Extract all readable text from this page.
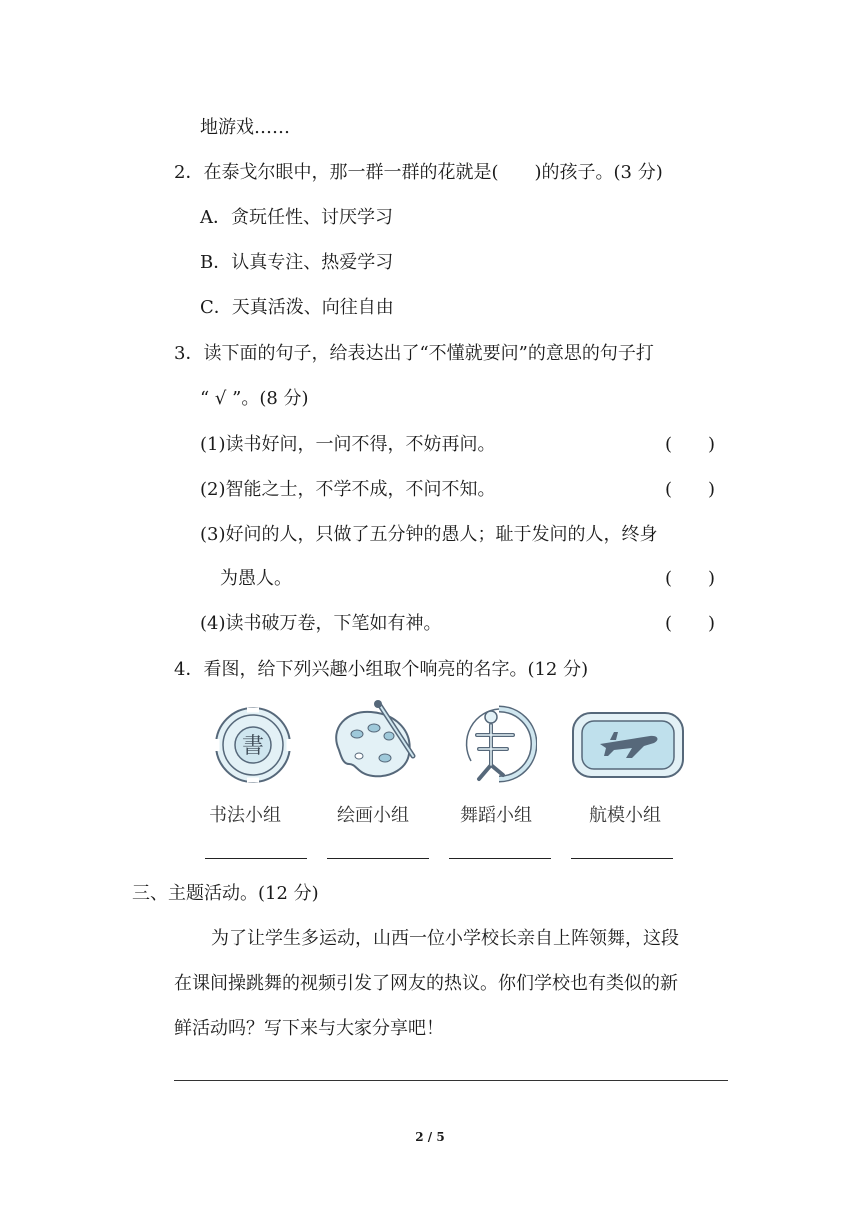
地游戏……
2．在泰戈尔眼中，那一群一群的花就是(　　)的孩子。(3 分)
A．贪玩任性、讨厌学习
B．认真专注、热爱学习
C．天真活泼、向往自由
3．读下面的句子，给表达出了“不懂就要问”的意思的句子打
“ √ ”。(8 分)
(1)读书好问，一问不得，不妨再问。	(　　)
(2)智能之士，不学不成，不问不知。	(　　)
(3)好问的人，只做了五分钟的愚人；耻于发问的人，终身
为愚人。	(　　)
(4)读书破万卷，下笔如有神。	(　　)
4．看图，给下列兴趣小组取个响亮的名字。(12 分)
書
书法小组	绘画小组	舞蹈小组	航模小组
三、主题活动。(12 分)
为了让学生多运动，山西一位小学校长亲自上阵领舞，这段
在课间操跳舞的视频引发了网友的热议。你们学校也有类似的新
鲜活动吗？写下来与大家分享吧！
2 / 5
